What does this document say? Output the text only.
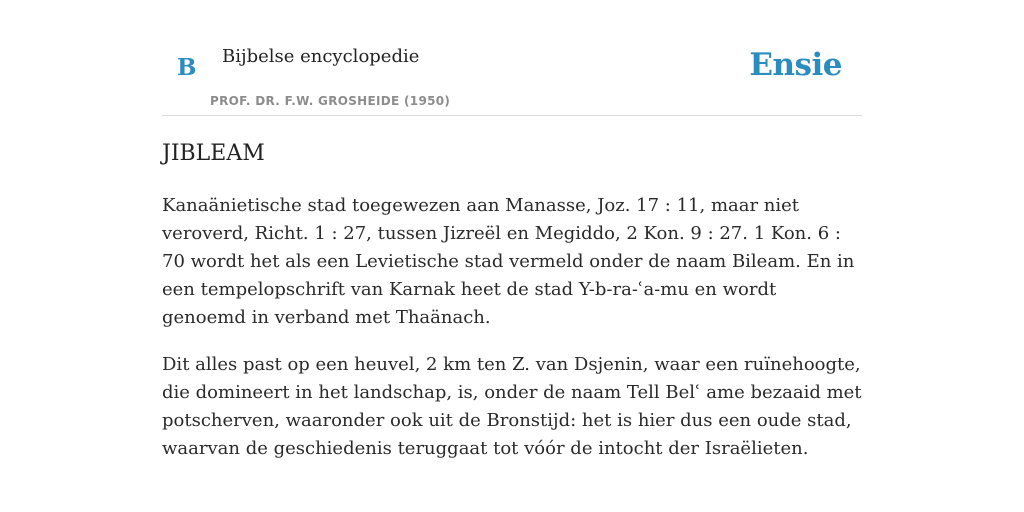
B Bijbelse encyclopedie
PROF. DR. F.W. GROSHEIDE (1950)
Ensie
JIBLEAM

Kanaänietische stad toegewezen aan Manasse, Joz. 17 : 11, maar niet veroverd, Richt. 1 : 27, tussen Jizreël en Megiddo, 2 Kon. 9 : 27. 1 Kon. 6 : 70 wordt het als een Levietische stad vermeld onder de naam Bileam. En in een tempelopschrift van Karnak heet de stad Y-b-ra-ʿa-mu en wordt genoemd in verband met Thaänach.

Dit alles past op een heuvel, 2 km ten Z. van Dsjenin, waar een ruïnehoogte, die domineert in het landschap, is, onder de naam Tell Belʿ ame bezaaid met potscherven, waaronder ook uit de Bronstijd: het is hier dus een oude stad, waarvan de geschiedenis teruggaat tot vóór de intocht der Israëlieten.
